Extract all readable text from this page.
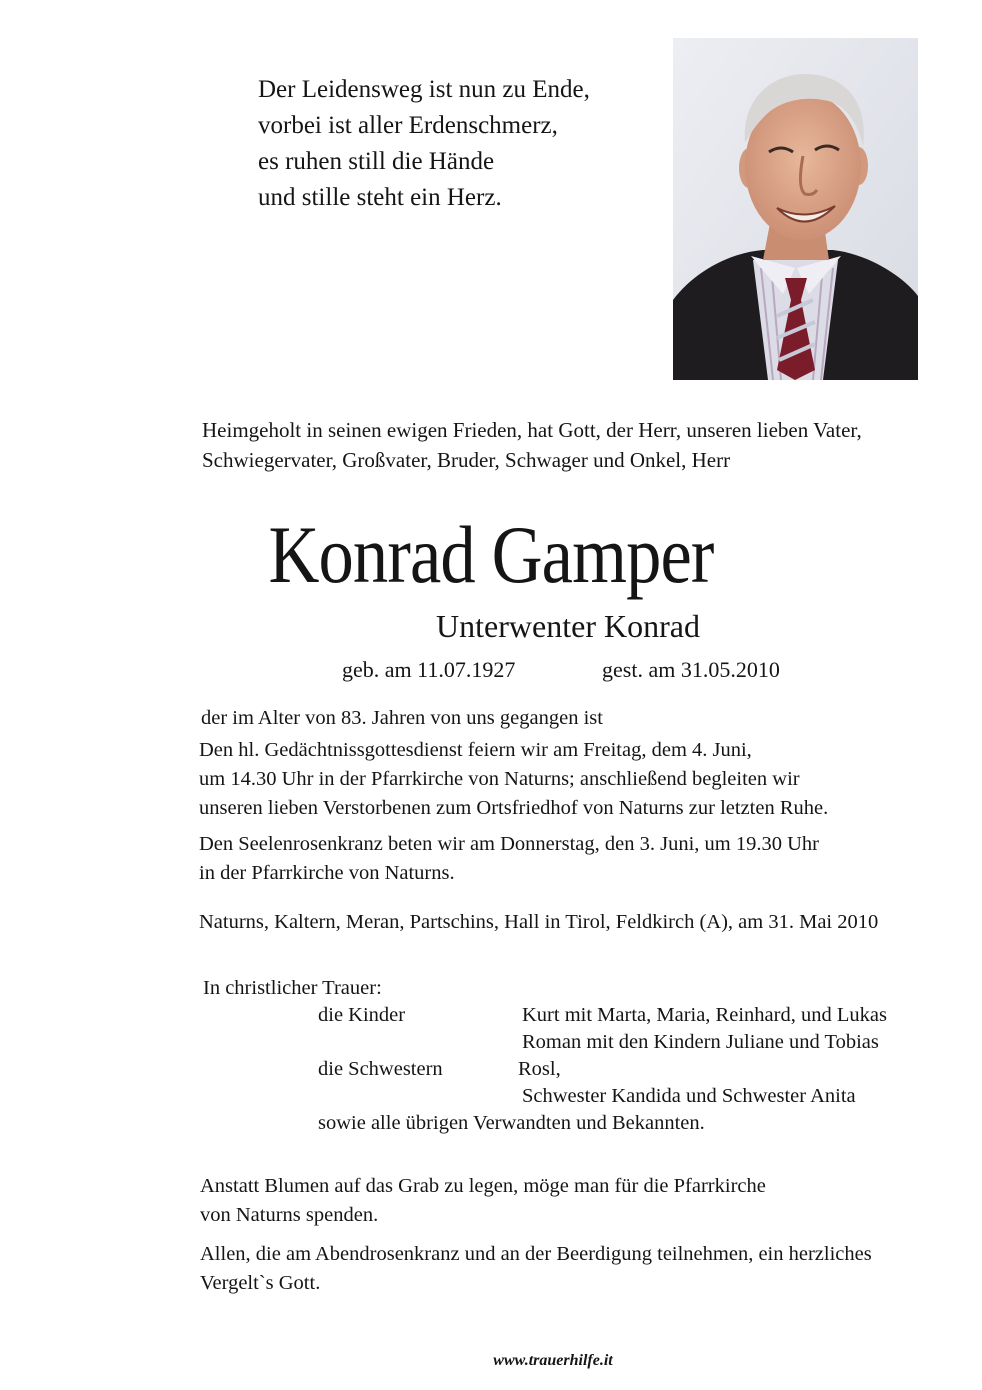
Der Leidensweg ist nun zu Ende,
vorbei ist aller Erdenschmerz,
es ruhen still die Hände
und stille steht ein Herz.
Heimgeholt in seinen ewigen Frieden, hat Gott, der Herr, unseren lieben Vater,
Schwiegervater, Großvater, Bruder, Schwager und Onkel, Herr
Konrad Gamper
Unterwenter Konrad
geb. am 11.07.1927	gest. am 31.05.2010
der im Alter von 83. Jahren von uns gegangen ist
Den hl. Gedächtnissgottesdienst feiern wir am Freitag, dem 4. Juni,
um 14.30 Uhr in der Pfarrkirche von Naturns; anschließend begleiten wir
unseren lieben Verstorbenen zum Ortsfriedhof von Naturns zur letzten Ruhe.
Den Seelenrosenkranz beten wir am Donnerstag, den 3. Juni, um 19.30 Uhr
in der Pfarrkirche von Naturns.
Naturns, Kaltern, Meran, Partschins, Hall in Tirol, Feldkirch (A), am 31. Mai 2010
In christlicher Trauer:
die Kinder	Kurt mit Marta, Maria, Reinhard, und Lukas
Roman mit den Kindern Juliane und Tobias
die Schwestern	Rosl,
Schwester Kandida und Schwester Anita
sowie alle übrigen Verwandten und Bekannten.
Anstatt Blumen auf das Grab zu legen, möge man für die Pfarrkirche
von Naturns spenden.
Allen, die am Abendrosenkranz und an der Beerdigung teilnehmen, ein herzliches
Vergelt`s Gott.
www.trauerhilfe.it
